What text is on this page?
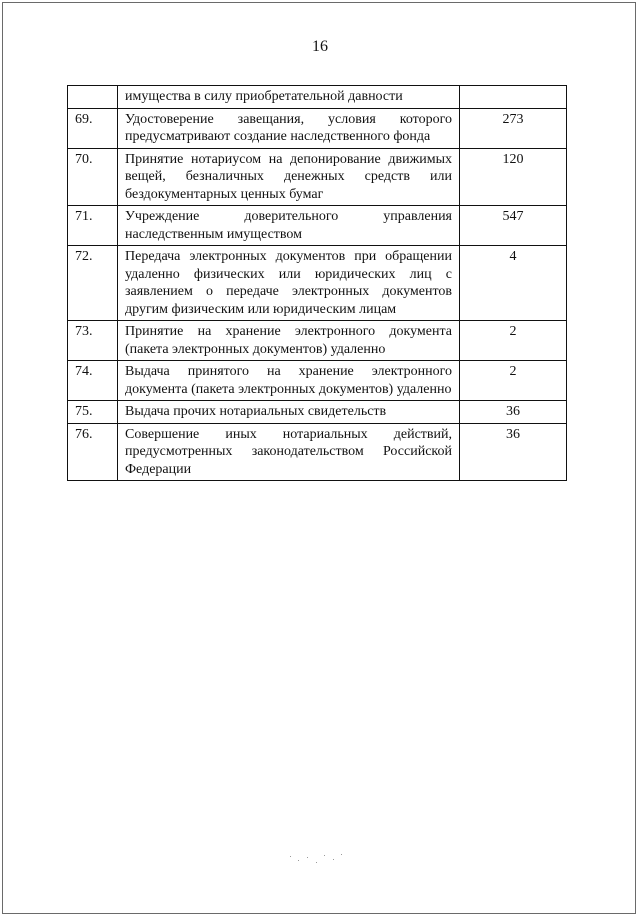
16
	имущества в силу приобретательной давности	
69.	Удостоверение завещания, условия которого предусматривают создание наследственного фонда	273
70.	Принятие нотариусом на депонирование движимых вещей, безналичных денежных средств или бездокументарных ценных бумаг	120
71.	Учреждение доверительного управления наследственным имуществом	547
72.	Передача электронных документов при обращении удаленно физических или юридических лиц с заявлением о передаче электронных документов другим физическим или юридическим лицам	4
73.	Принятие на хранение электронного документа (пакета электронных документов) удаленно	2
74.	Выдача принятого на хранение электронного документа (пакета электронных документов) удаленно	2
75.	Выдача прочих нотариальных свидетельств	36
76.	Совершение иных нотариальных действий, предусмотренных законодательством Российской Федерации	36
